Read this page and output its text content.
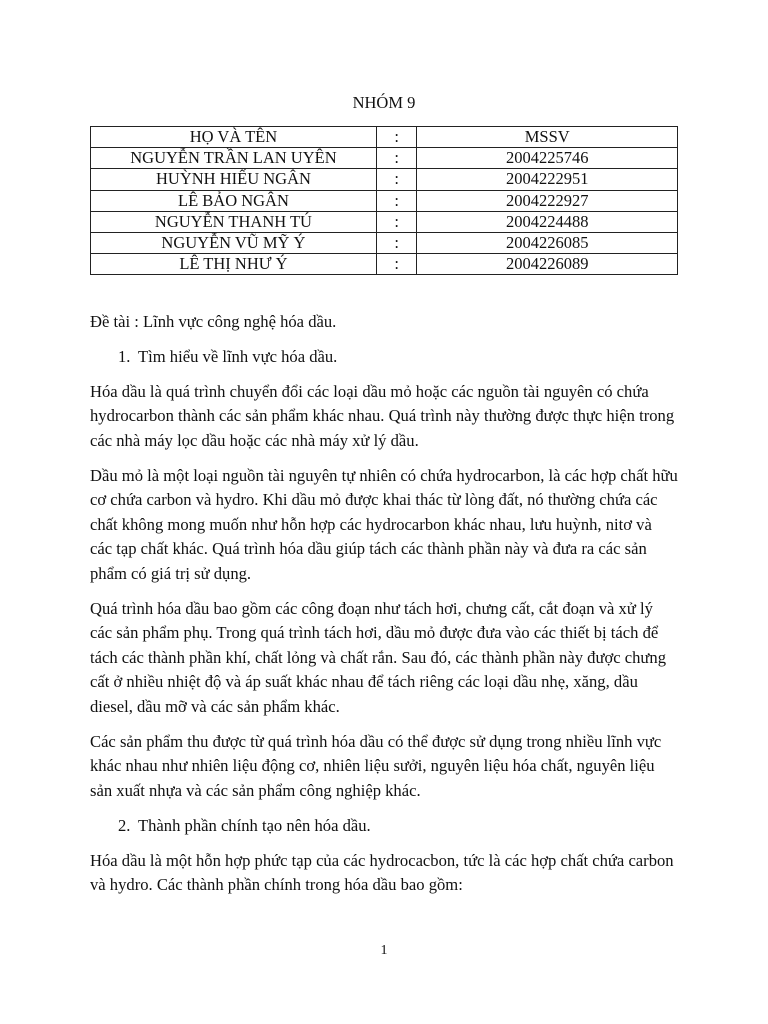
NHÓM 9
HỌ VÀ TÊN	:	MSSV
NGUYỄN TRẦN LAN UYÊN	:	2004225746
HUỲNH HIẾU NGÂN	:	2004222951
LÊ BẢO NGÂN	:	2004222927
NGUYỄN THANH TÚ	:	2004224488
NGUYỄN VŨ MỸ Ý	:	2004226085
LÊ THỊ NHƯ Ý	:	2004226089

Đề tài : Lĩnh vực công nghệ hóa dầu.

1. Tìm hiểu về lĩnh vực hóa dầu.

Hóa dầu là quá trình chuyển đổi các loại dầu mỏ hoặc các nguồn tài nguyên có chứa hydrocarbon thành các sản phẩm khác nhau. Quá trình này thường được thực hiện trong các nhà máy lọc dầu hoặc các nhà máy xử lý dầu.

Dầu mỏ là một loại nguồn tài nguyên tự nhiên có chứa hydrocarbon, là các hợp chất hữu cơ chứa carbon và hydro. Khi dầu mỏ được khai thác từ lòng đất, nó thường chứa các chất không mong muốn như hỗn hợp các hydrocarbon khác nhau, lưu huỳnh, nitơ và các tạp chất khác. Quá trình hóa dầu giúp tách các thành phần này và đưa ra các sản phẩm có giá trị sử dụng.

Quá trình hóa dầu bao gồm các công đoạn như tách hơi, chưng cất, cắt đoạn và xử lý các sản phẩm phụ. Trong quá trình tách hơi, dầu mỏ được đưa vào các thiết bị tách để tách các thành phần khí, chất lỏng và chất rắn. Sau đó, các thành phần này được chưng cất ở nhiều nhiệt độ và áp suất khác nhau để tách riêng các loại dầu nhẹ, xăng, dầu diesel, dầu mỡ và các sản phẩm khác.

Các sản phẩm thu được từ quá trình hóa dầu có thể được sử dụng trong nhiều lĩnh vực khác nhau như nhiên liệu động cơ, nhiên liệu sưởi, nguyên liệu hóa chất, nguyên liệu sản xuất nhựa và các sản phẩm công nghiệp khác.

2. Thành phần chính tạo nên hóa dầu.

Hóa dầu là một hỗn hợp phức tạp của các hydrocacbon, tức là các hợp chất chứa carbon và hydro. Các thành phần chính trong hóa dầu bao gồm:

1
